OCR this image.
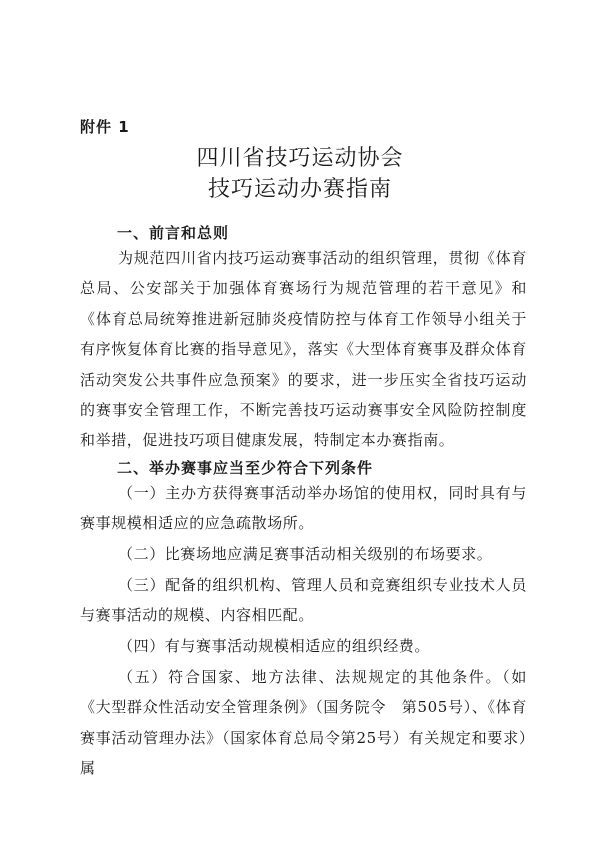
附件 1
四川省技巧运动协会
技巧运动办赛指南
一、前言和总则

为规范四川省内技巧运动赛事活动的组织管理，贯彻《体育总局、公安部关于加强体育赛场行为规范管理的若干意见》和《体育总局统筹推进新冠肺炎疫情防控与体育工作领导小组关于有序恢复体育比赛的指导意见》，落实《大型体育赛事及群众体育活动突发公共事件应急预案》的要求，进一步压实全省技巧运动的赛事安全管理工作，不断完善技巧运动赛事安全风险防控制度和举措，促进技巧项目健康发展，特制定本办赛指南。

二、举办赛事应当至少符合下列条件

（一）主办方获得赛事活动举办场馆的使用权，同时具有与赛事规模相适应的应急疏散场所。

（二）比赛场地应满足赛事活动相关级别的布场要求。

（三）配备的组织机构、管理人员和竞赛组织专业技术人员与赛事活动的规模、内容相匹配。

（四）有与赛事活动规模相适应的组织经费。

（五）符合国家、地方法律、法规规定的其他条件。（如《大型群众性活动安全管理条例》（国务院令　第505号）、《体育赛事活动管理办法》（国家体育总局令第25号）有关规定和要求）属
